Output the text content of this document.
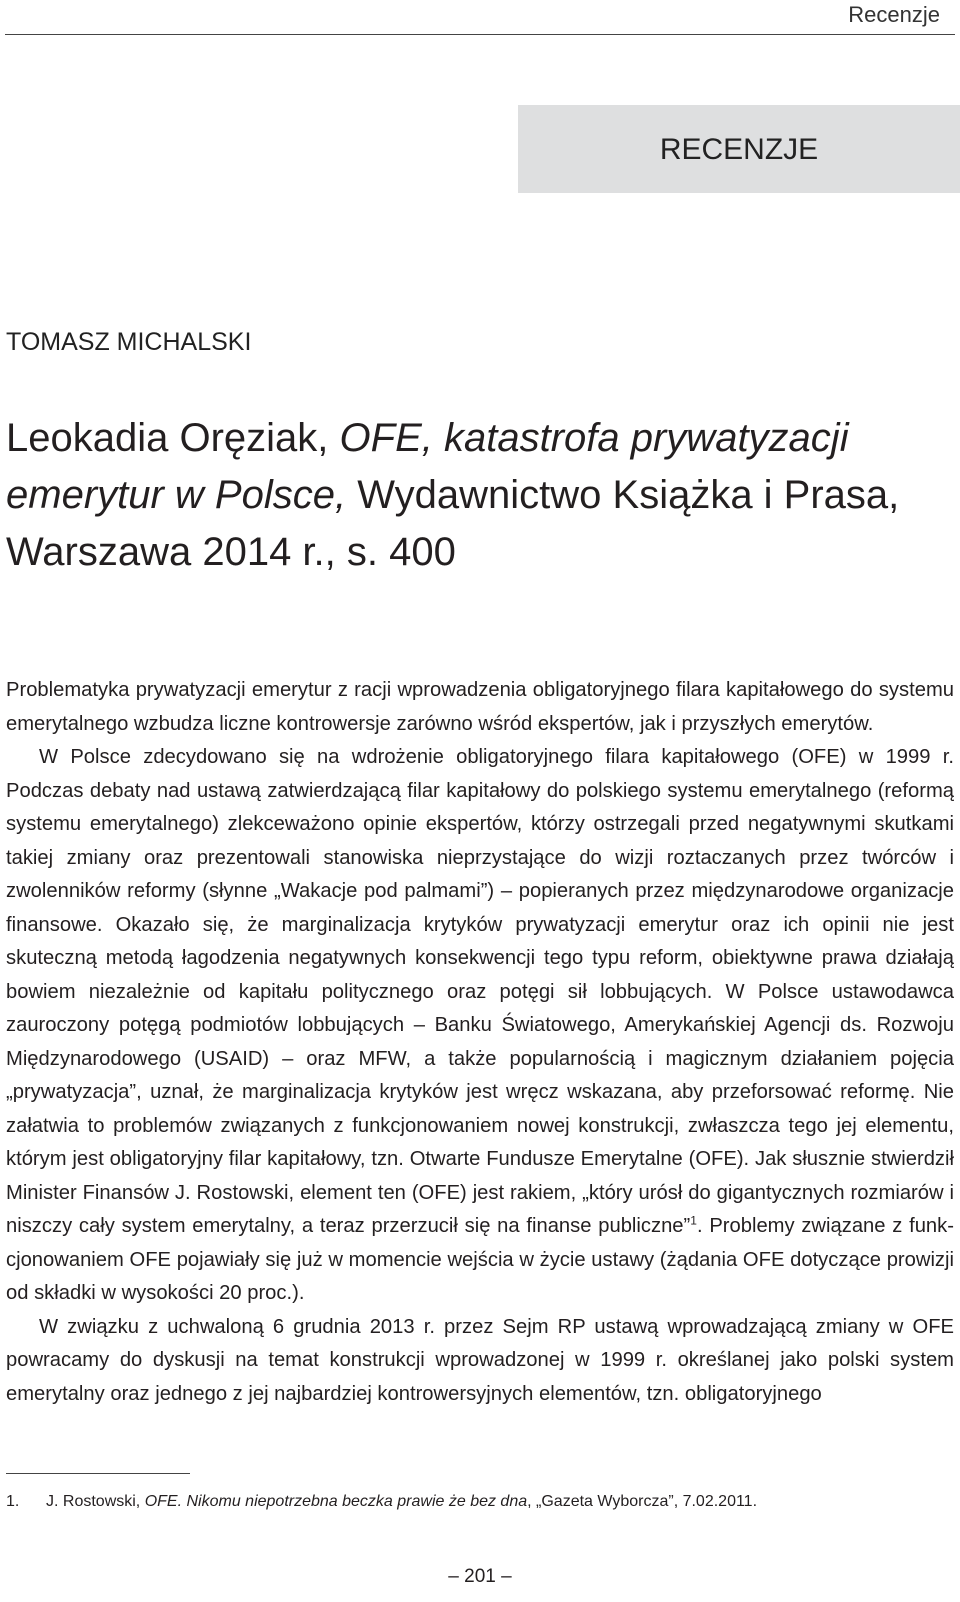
Recenzje
RECENZJE
TOMASZ MICHALSKI
Leokadia Oręziak, OFE, katastrofa prywatyzacji emerytur w Polsce, Wydawnictwo Książka i Prasa, Warszawa 2014 r., s. 400

Problematyka prywatyzacji emerytur z racji wprowadzenia obligatoryjnego filara kapitałowego do systemu emerytalnego wzbudza liczne kontrowersje zarówno wśród ekspertów, jak i przyszłych emerytów.

W Polsce zdecydowano się na wdrożenie obligatoryjnego filara kapitałowego (OFE) w 1999 r. Podczas debaty nad ustawą zatwierdzającą filar kapitałowy do polskiego systemu emerytalnego (reformą systemu emerytalnego) zlekceważono opinie ekspertów, którzy ostrzegali przed negatywnymi skutkami takiej zmiany oraz prezentowali stanowiska nieprzystające do wizji roztaczanych przez twórców i zwolenników reformy (słynne „Wakacje pod palmami”) – popieranych przez międzynarodowe organizacje finansowe. Okazało się, że marginalizacja krytyków prywatyzacji emerytur oraz ich opinii nie jest skuteczną metodą łagodzenia negatywnych konsekwencji tego typu reform, obiektywne prawa działają bowiem niezależnie od kapitału politycznego oraz potęgi sił lobbujących. W Polsce ustawodawca zauroczony potęgą podmiotów lobbujących – Banku Światowego, Amerykańskiej Agencji ds. Rozwoju Międzynarodowego (USAID) – oraz MFW, a także popularnością i magicznym działaniem pojęcia „prywatyzacja”, uznał, że marginalizacja krytyków jest wręcz wskazana, aby przeforsować reformę. Nie załatwia to problemów związanych z funkcjonowaniem nowej konstrukcji, zwłaszcza tego jej elementu, którym jest obligatoryjny filar kapitałowy, tzn. Otwarte Fundusze Emerytalne (OFE). Jak słusznie stwierdził Minister Finansów J. Rostowski, element ten (OFE) jest rakiem, „który urósł do gigantycznych rozmiarów i niszczy cały system emerytalny, a teraz przerzucił się na finanse publiczne”$^1$. Problemy związane z funkcjonowaniem OFE pojawiały się już w momencie wejścia w życie ustawy (żądania OFE dotyczące prowizji od składki w wysokości 20 proc.).

W związku z uchwaloną 6 grudnia 2013 r. przez Sejm RP ustawą wprowadzającą zmiany w OFE powracamy do dyskusji na temat konstrukcji wprowadzonej w 1999 r. określanej jako polski system emerytalny oraz jednego z jej najbardziej kontrowersyjnych elementów, tzn. obligatoryjnego

1. J. Rostowski, OFE. Nikomu niepotrzebna beczka prawie że bez dna, „Gazeta Wyborcza”, 7.02.2011.
– 201 –
